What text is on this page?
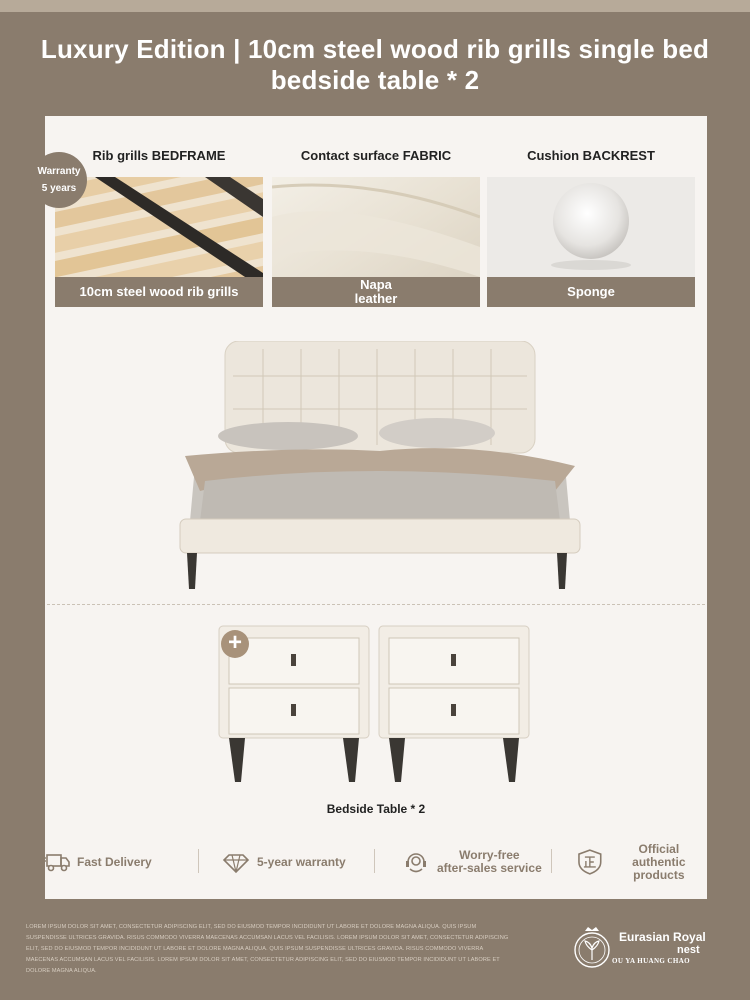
Luxury Edition | 10cm steel wood rib grills single bed
bedside table * 2
Rib grills BEDFRAME
10cm steel wood rib grills
Warranty
5 years
Contact surface FABRIC
Napa
leather
Cushion BACKREST
Sponge
+
Bedside Table * 2
Fast Delivery	5-year warranty	Worry-free
after-sales service
Official authentic
products
LOREM IPSUM DOLOR SIT AMET, CONSECTETUR ADIPISCING ELIT, SED DO EIUSMOD TEMPOR INCIDIDUNT UT LABORE ET DOLORE MAGNA ALIQUA. QUIS IPSUM SUSPENDISSE ULTRICES GRAVIDA. RISUS COMMODO VIVERRA MAECENAS ACCUMSAN LACUS VEL FACILISIS. LOREM IPSUM DOLOR SIT AMET, CONSECTETUR ADIPISCING ELIT, SED DO EIUSMOD TEMPOR INCIDIDUNT UT LABORE ET DOLORE MAGNA ALIQUA. QUIS IPSUM SUSPENDISSE ULTRICES GRAVIDA. RISUS COMMODO VIVERRA MAECENAS ACCUMSAN LACUS VEL FACILISIS. LOREM IPSUM DOLOR SIT AMET, CONSECTETUR ADIPISCING ELIT, SED DO EIUSMOD TEMPOR INCIDIDUNT UT LABORE ET DOLORE MAGNA ALIQUA.
Eurasian Royal
nest
OU YA HUANG CHAO
